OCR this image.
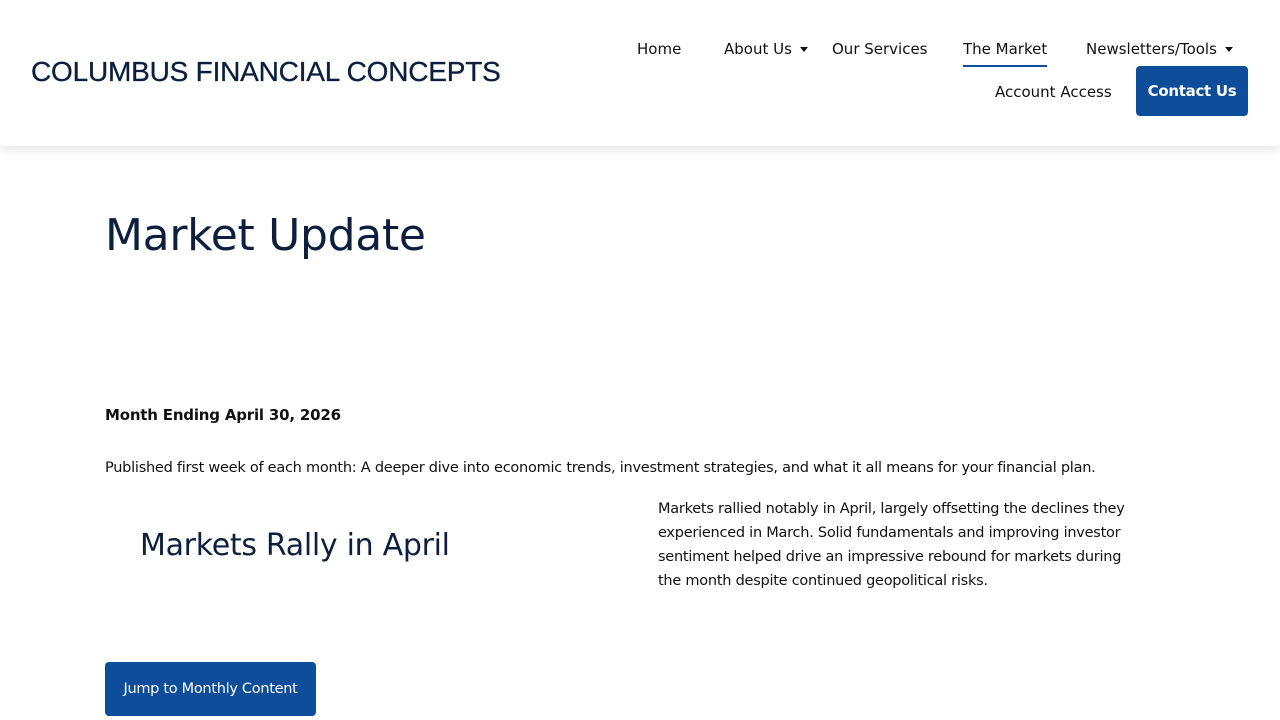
COLUMBUS FINANCIAL CONCEPTS
Home	About Us	Our Services The Market	Newsletters/Tools
Account Access Contact Us
Market Update
Month Ending April 30, 2026
Published first week of each month: A deeper dive into economic trends, investment strategies, and what it all means for your financial plan.
Markets Rally in April

Markets rallied notably in April, largely offsetting the declines they experienced in March. Solid fundamentals and improving investor sentiment helped drive an impressive rebound for markets during the month despite continued geopolitical risks.

Jump to Monthly Content
